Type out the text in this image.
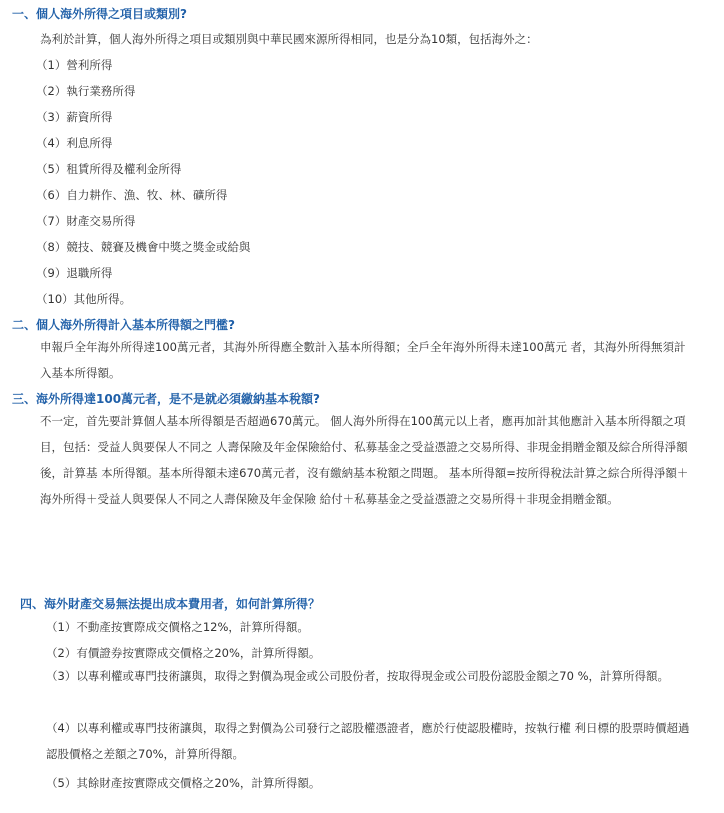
一、個人海外所得之項目或類別?
為利於計算，個人海外所得之項目或類別與中華民國來源所得相同，也是分為10類，包括海外之：
（1）營利所得
（2）執行業務所得
（3）薪資所得
（4）利息所得
（5）租賃所得及權利金所得
（6）自力耕作、漁、牧、林、礦所得
（7）財產交易所得
（8）競技、競賽及機會中獎之獎金或給與
（9）退職所得
（10）其他所得。
二、個人海外所得計入基本所得額之門檻?
申報戶全年海外所得達100萬元者，其海外所得應全數計入基本所得額；全戶全年海外所得未達100萬元 者，其海外所得無須計入基本所得額。
三、海外所得達100萬元者，是不是就必須繳納基本稅額?
不一定，首先要計算個人基本所得額是否超過670萬元。 個人海外所得在100萬元以上者，應再加計其他應計入基本所得額之項目，包括：受益人與要保人不同之 人壽保險及年金保險給付、私募基金之受益憑證之交易所得、非現金捐贈金額及綜合所得淨額後，計算基 本所得額。基本所得額未達670萬元者，沒有繳納基本稅額之問題。 基本所得額=按所得稅法計算之綜合所得淨額＋海外所得＋受益人與要保人不同之人壽保險及年金保險 給付＋私募基金之受益憑證之交易所得＋非現金捐贈金額。
四、海外財產交易無法提出成本費用者，如何計算所得？
（1）不動產按實際成交價格之12%，計算所得額。
（2）有價證券按實際成交價格之20%，計算所得額。
（3）以專利權或專門技術讓與，取得之對價為現金或公司股份者，按取得現金或公司股份認股金額之70 %，計算所得額。
（4）以專利權或專門技術讓與，取得之對價為公司發行之認股權憑證者，應於行使認股權時，按執行權 利日標的股票時價超過認股價格之差額之70%，計算所得額。
（5）其餘財產按實際成交價格之20%，計算所得額。
